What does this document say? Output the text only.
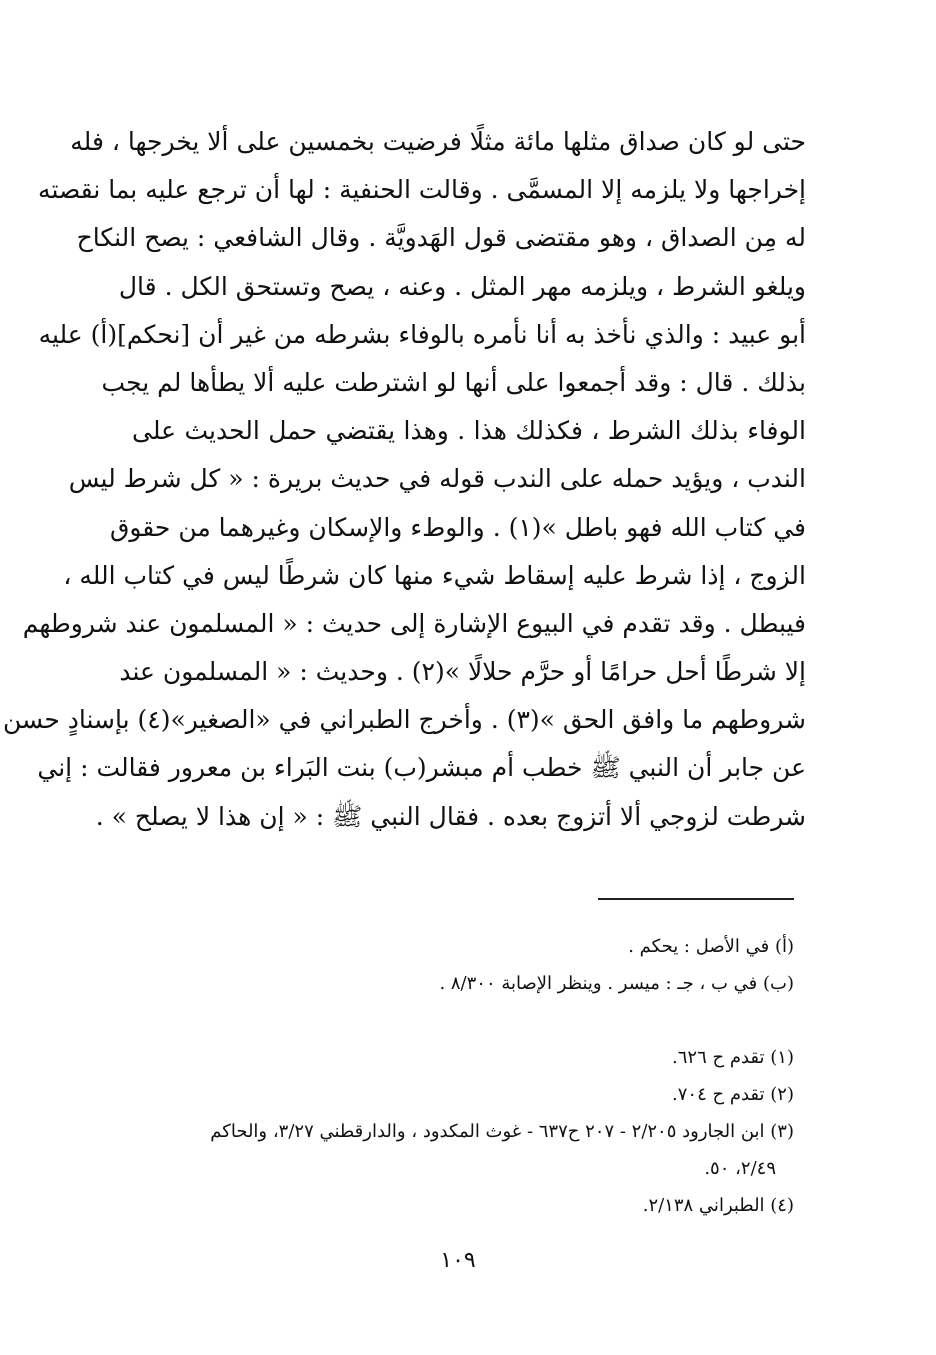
حتى لو كان صداق مثلها مائة مثلًا فرضيت بخمسين على ألا يخرجها ، فله
إخراجها ولا يلزمه إلا المسمَّى . وقالت الحنفية : لها أن ترجع عليه بما نقصته
له مِن الصداق ، وهو مقتضى قول الهَدويَّة . وقال الشافعي : يصح النكاح
ويلغو الشرط ، ويلزمه مهر المثل . وعنه ، يصح وتستحق الكل . قال
أبو عبيد : والذي نأخذ به أنا نأمره بالوفاء بشرطه من غير أن [نحكم](أ) عليه
بذلك . قال : وقد أجمعوا على أنها لو اشترطت عليه ألا يطأها لم يجب
الوفاء بذلك الشرط ، فكذلك هذا . وهذا يقتضي حمل الحديث على
الندب ، ويؤيد حمله على الندب قوله في حديث بريرة : « كل شرط ليس
في كتاب الله فهو باطل »(١) . والوطء والإسكان وغيرهما من حقوق
الزوج ، إذا شرط عليه إسقاط شيء منها كان شرطًا ليس في كتاب الله ،
فيبطل . وقد تقدم في البيوع الإشارة إلى حديث : « المسلمون عند شروطهم
إلا شرطًا أحل حرامًا أو حرَّم حلالًا »(٢) . وحديث : « المسلمون عند
شروطهم ما وافق الحق »(٣) . وأخرج الطبراني في «الصغير»(٤) بإسنادٍ حسن
عن جابر أن النبي ﷺ خطب أم مبشر(ب) بنت البَراء بن معرور فقالت : إني
شرطت لزوجي ألا أتزوج بعده . فقال النبي ﷺ : « إن هذا لا يصلح » .
(أ) في الأصل : يحكم .
(ب) في ب ، جـ : ميسر . وينظر الإصابة ٨/٣٠٠ .
(١) تقدم ح ٦٢٦.
(٢) تقدم ح ٧٠٤.
(٣) ابن الجارود ٢/٢٠٥ - ٢٠٧ ح٦٣٧ - غوث المكدود ، والدارقطني ٣/٢٧، والحاكم
٢/٤٩، ٥٠.
(٤) الطبراني ٢/١٣٨.
١٠٩
